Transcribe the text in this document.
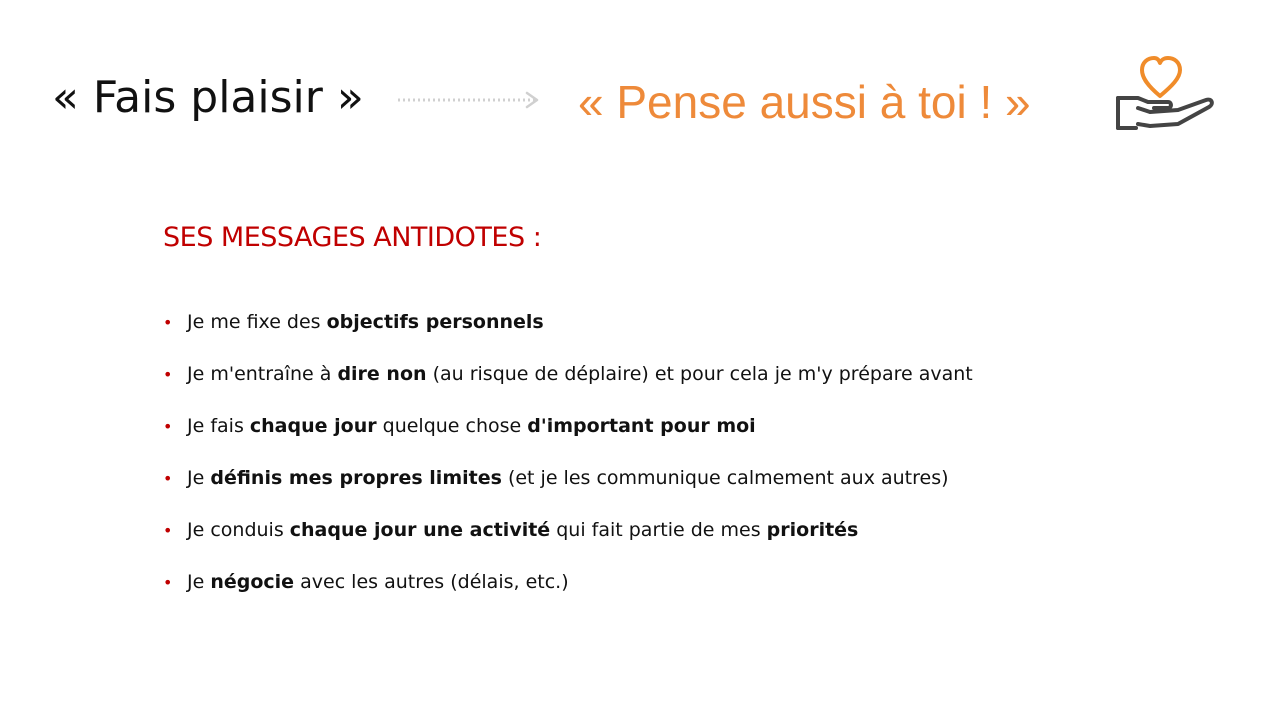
« Fais plaisir »	« Pense aussi à toi ! »
SES MESSAGES ANTIDOTES :
• Je me fixe des objectifs personnels
• Je m'entraîne à dire non (au risque de déplaire) et pour cela je m'y prépare avant
• Je fais chaque jour quelque chose d'important pour moi
• Je définis mes propres limites (et je les communique calmement aux autres)
• Je conduis chaque jour une activité qui fait partie de mes priorités
• Je négocie avec les autres (délais, etc.)
